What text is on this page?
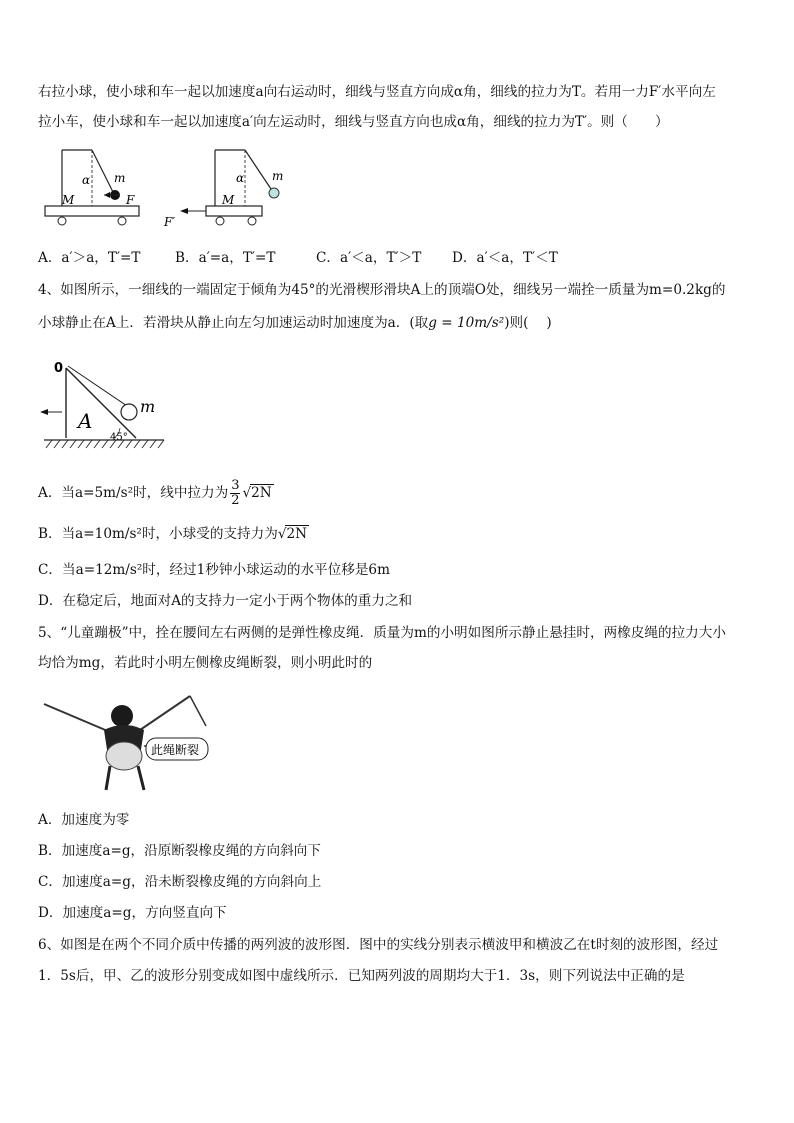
右拉小球，使小球和车一起以加速度a向右运动时，细线与竖直方向成α角，细线的拉力为T。若用一力F′水平向左
拉小车，使小球和车一起以加速度a′向左运动时，细线与竖直方向也成α角，细线的拉力为T′。则（　　）
α m
F
M
α m
M
F′
A．a′＞a，T′=T	B．a′=a，T′=T	C．a′＜a，T′＞T D．a′＜a，T′＜T
4、如图所示，一细线的一端固定于倾角为45°的光滑楔形滑块A上的顶端O处，细线另一端拴一质量为m=0.2kg的
小球静止在A上．若滑块从静止向左匀加速运动时加速度为a．(取g = 10m/s²)则(　 )
0
A
m
45°
A．当a=5m/s²时，线中拉力为 $\frac{3}{2} √2N$
B．当a=10m/s²时，小球受的支持力为√2N
C．当a=12m/s²时，经过1秒钟小球运动的水平位移是6m
D．在稳定后，地面对A的支持力一定小于两个物体的重力之和
5、“儿童蹦极”中，拴在腰间左右两侧的是弹性橡皮绳．质量为m的小明如图所示静止悬挂时，两橡皮绳的拉力大小
均恰为mg，若此时小明左侧橡皮绳断裂，则小明此时的
此绳断裂
A．加速度为零
B．加速度a=g，沿原断裂橡皮绳的方向斜向下
C．加速度a=g，沿未断裂橡皮绳的方向斜向上
D．加速度a=g，方向竖直向下
6、如图是在两个不同介质中传播的两列波的波形图．图中的实线分别表示横波甲和横波乙在t时刻的波形图，经过
1．5s后，甲、乙的波形分别变成如图中虚线所示．已知两列波的周期均大于1．3s，则下列说法中正确的是
